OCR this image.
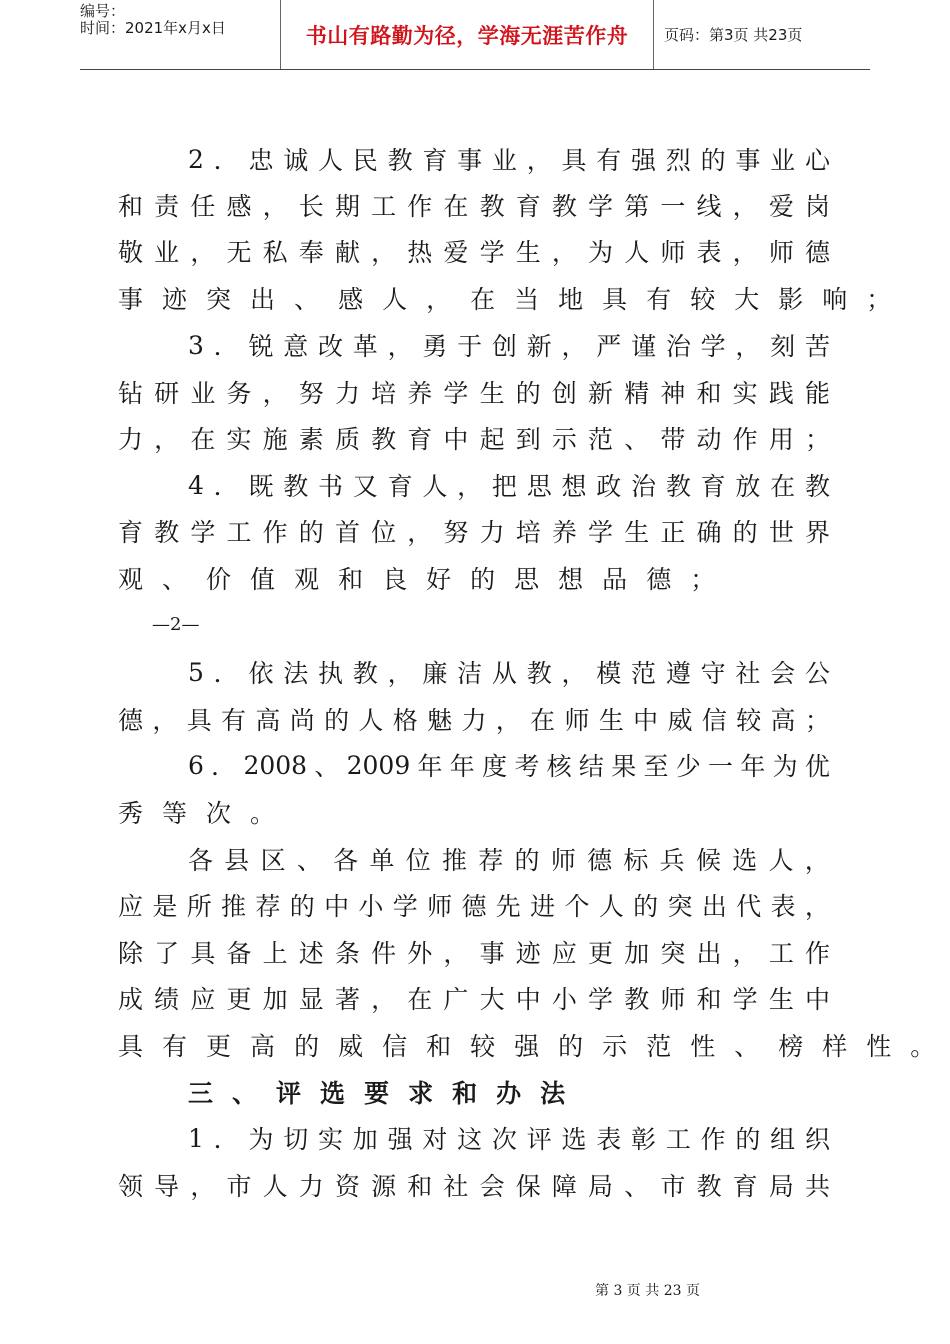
编号：
时间：2021年x月x日	书山有路勤为径，学海无涯苦作舟	页码：第3页 共23页
2 ． 忠 诚 人 民 教 育 事 业 ， 具 有 强 烈 的 事 业 心
和 责 任 感 ， 长 期 工 作 在 教 育 教 学 第 一 线 ， 爱 岗
敬 业 ， 无 私 奉 献 ， 热 爱 学 生 ， 为 人 师 表 ， 师 德
事 迹 突 出 、 感 人 ， 在 当 地 具 有 较 大 影 响 ；
3 ． 锐 意 改 革 ， 勇 于 创 新 ， 严 谨 治 学 ， 刻 苦
钻 研 业 务 ， 努 力 培 养 学 生 的 创 新 精 神 和 实 践 能
力 ， 在 实 施 素 质 教 育 中 起 到 示 范 、 带 动 作 用 ；
4 ． 既 教 书 又 育 人 ， 把 思 想 政 治 教 育 放 在 教
育 教 学 工 作 的 首 位 ， 努 力 培 养 学 生 正 确 的 世 界
观 、 价 值 观 和 良 好 的 思 想 品 德 ；
5 ． 依 法 执 教 ， 廉 洁 从 教 ， 模 范 遵 守 社 会 公
德 ， 具 有 高 尚 的 人 格 魅 力 ， 在 师 生 中 威 信 较 高 ；
6 ． 2008 、 2009 年 年 度 考 核 结 果 至 少 一 年 为 优
秀 等 次 。
各 县 区 、 各 单 位 推 荐 的 师 德 标 兵 候 选 人 ，
应 是 所 推 荐 的 中 小 学 师 德 先 进 个 人 的 突 出 代 表 ，
除 了 具 备 上 述 条 件 外 ， 事 迹 应 更 加 突 出 ， 工 作
成 绩 应 更 加 显 著 ， 在 广 大 中 小 学 教 师 和 学 生 中
具 有 更 高 的 威 信 和 较 强 的 示 范 性 、 榜 样 性 。
三 、 评 选 要 求 和 办 法
1 ． 为 切 实 加 强 对 这 次 评 选 表 彰 工 作 的 组 织
领 导 ， 市 人 力 资 源 和 社 会 保 障 局 、 市 教 育 局 共
—2—
第 3 页 共 23 页
